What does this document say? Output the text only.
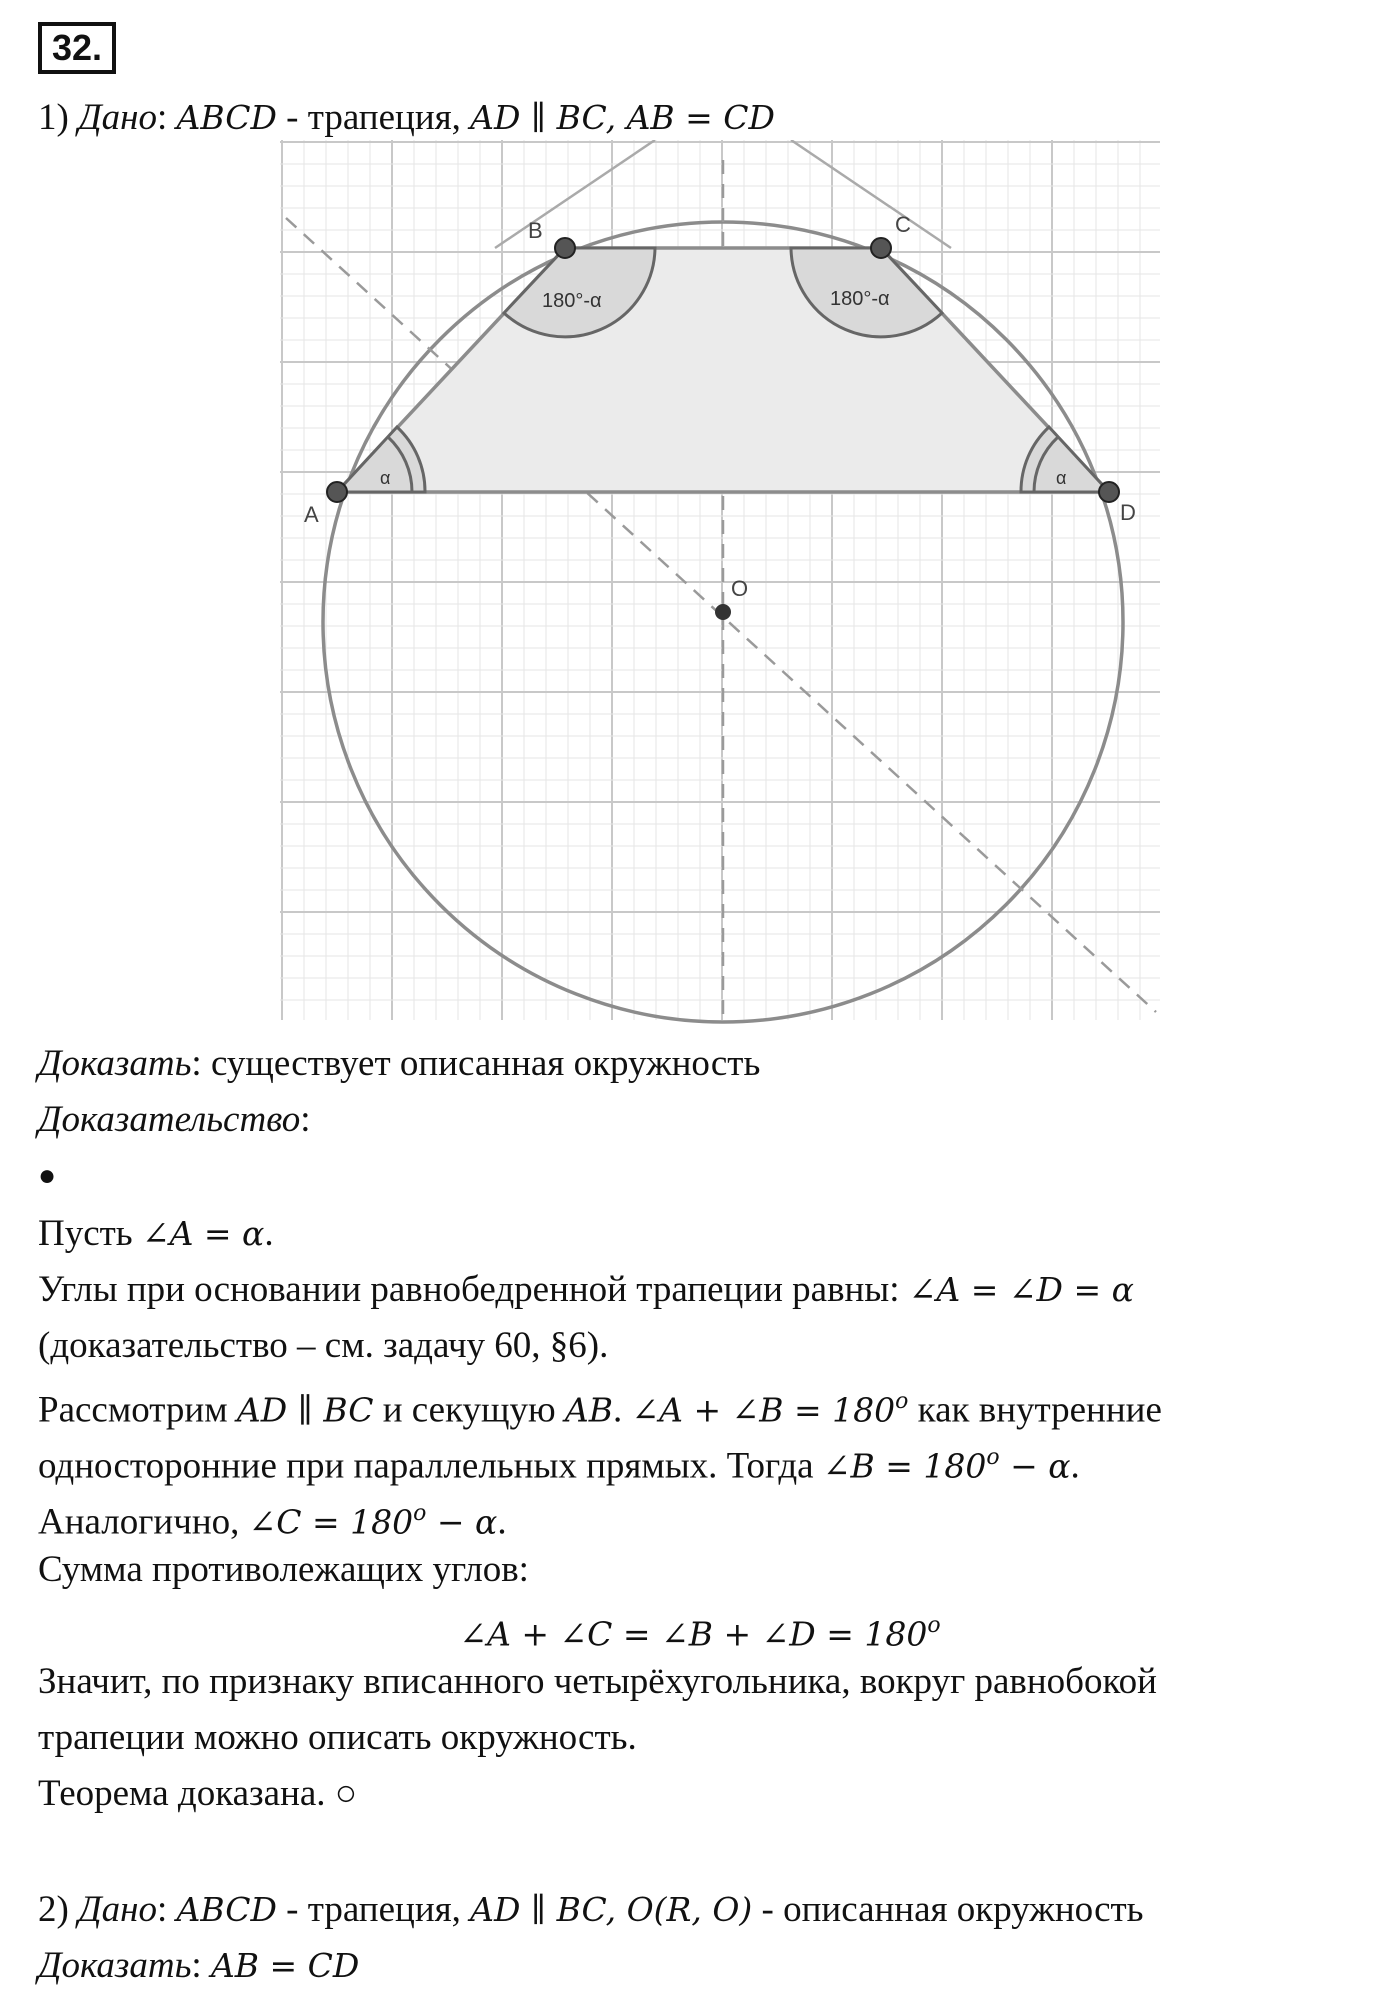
32.
1) Дано: ABCD - трапеция, AD ∥ BC, AB = CD
α	α
180°-α	180°-α
A
B	C
D
O
Доказать: существует описанная окружность
Доказательство:
●
Пусть ∠A = α.
Углы при основании равнобедренной трапеции равны: ∠A = ∠D = α
(доказательство – см. задачу 60, §6).
Рассмотрим AD ∥ BC и секущую AB. ∠A + ∠B = $180^o$ как внутренние
односторонние при параллельных прямых. Тогда ∠B = $180^o - \alpha$.
Аналогично, ∠C = $180^o - \alpha$.
Сумма противолежащих углов:
∠A + ∠C = ∠B + ∠D = $180^o$
Значит, по признаку вписанного четырёхугольника, вокруг равнобокой
трапеции можно описать окружность.
Теорема доказана. ○
2) Дано: ABCD - трапеция, AD ∥ BC, O(R, O) - описанная окружность
Доказать: AB = CD
